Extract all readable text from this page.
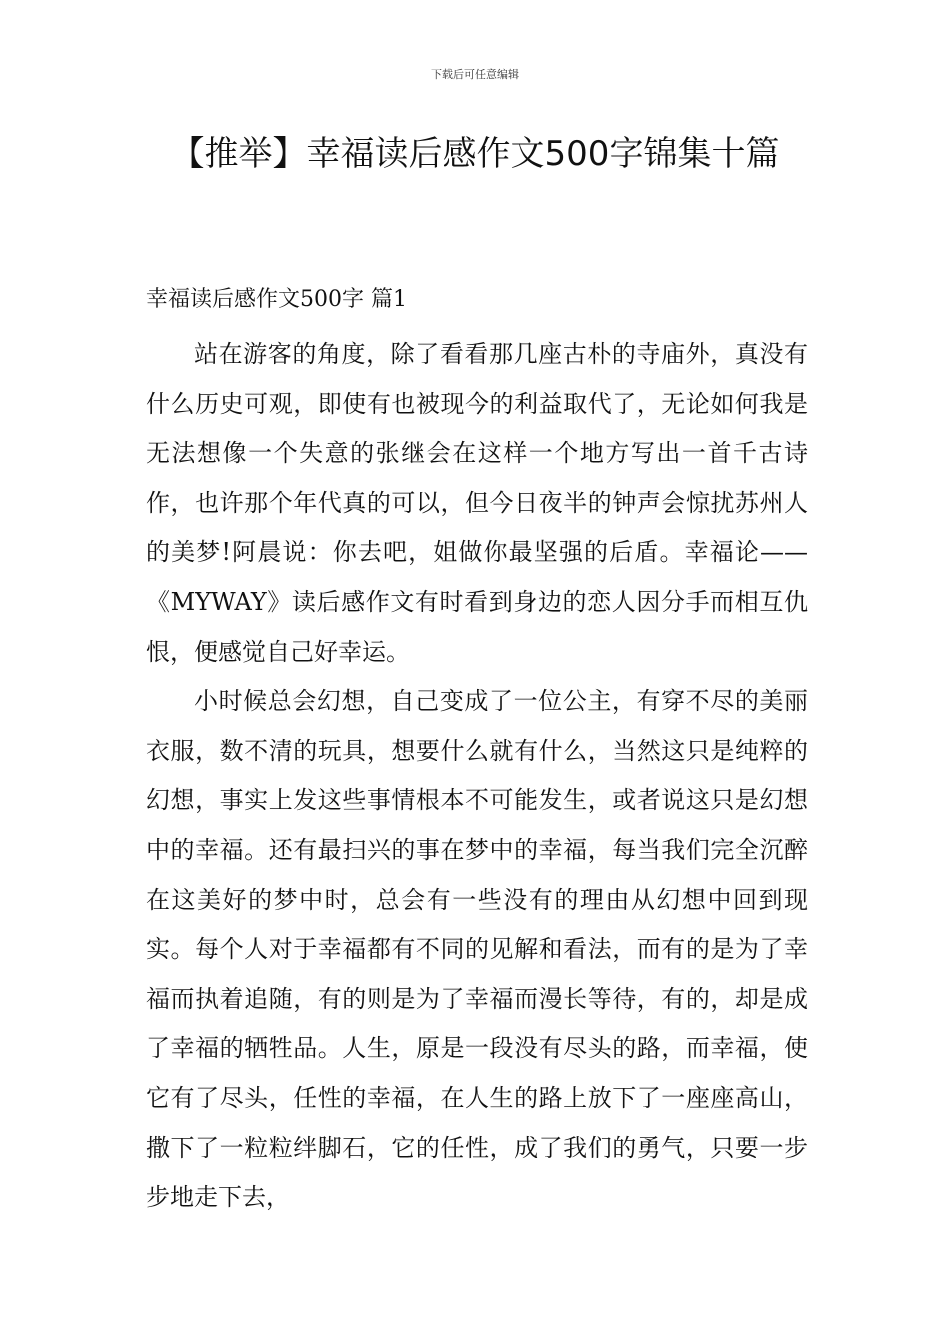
下载后可任意编辑
【推举】幸福读后感作文500字锦集十篇
幸福读后感作文500字 篇1

站在游客的角度，除了看看那几座古朴的寺庙外，真没有什么历史可观，即使有也被现今的利益取代了，无论如何我是无法想像一个失意的张继会在这样一个地方写出一首千古诗作，也许那个年代真的可以，但今日夜半的钟声会惊扰苏州人的美梦!阿晨说：你去吧，姐做你最坚强的后盾。幸福论——《MYWAY》读后感作文有时看到身边的恋人因分手而相互仇恨，便感觉自己好幸运。

小时候总会幻想，自己变成了一位公主，有穿不尽的美丽衣服，数不清的玩具，想要什么就有什么，当然这只是纯粹的幻想，事实上发这些事情根本不可能发生，或者说这只是幻想中的幸福。还有最扫兴的事在梦中的幸福，每当我们完全沉醉在这美好的梦中时，总会有一些没有的理由从幻想中回到现实。每个人对于幸福都有不同的见解和看法，而有的是为了幸福而执着追随，有的则是为了幸福而漫长等待，有的，却是成了幸福的牺牲品。人生，原是一段没有尽头的路，而幸福，使它有了尽头，任性的幸福，在人生的路上放下了一座座高山，撒下了一粒粒绊脚石，它的任性，成了我们的勇气，只要一步步地走下去，
